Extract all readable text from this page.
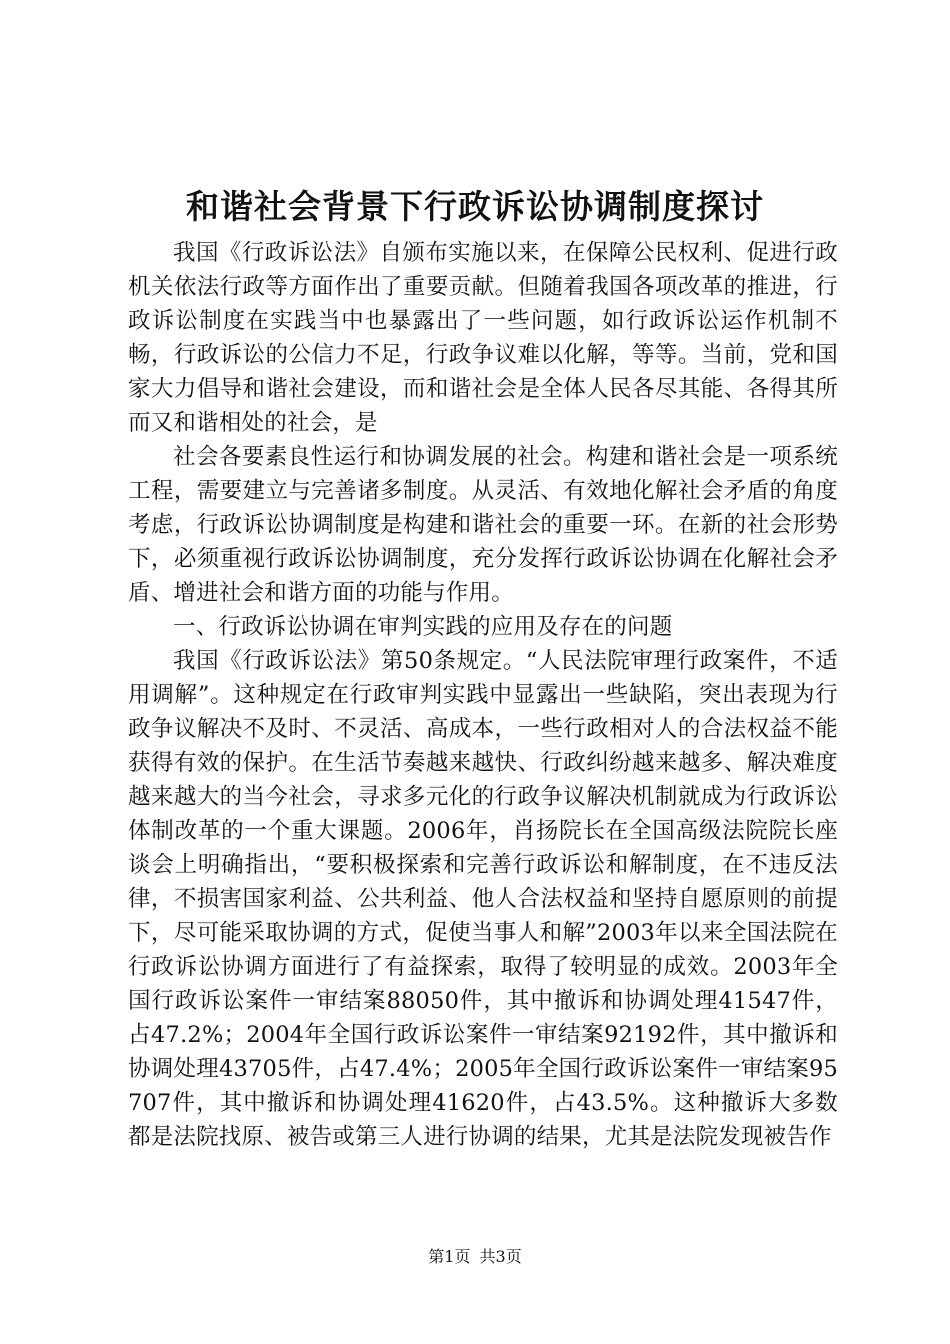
和谐社会背景下行政诉讼协调制度探讨

我国《行政诉讼法》自颁布实施以来，在保障公民权利、促进行政机关依法行政等方面作出了重要贡献。但随着我国各项改革的推进，行政诉讼制度在实践当中也暴露出了一些问题，如行政诉讼运作机制不畅，行政诉讼的公信力不足，行政争议难以化解，等等。当前，党和国家大力倡导和谐社会建设，而和谐社会是全体人民各尽其能、各得其所而又和谐相处的社会，是

社会各要素良性运行和协调发展的社会。构建和谐社会是一项系统工程，需要建立与完善诸多制度。从灵活、有效地化解社会矛盾的角度考虑，行政诉讼协调制度是构建和谐社会的重要一环。在新的社会形势下，必须重视行政诉讼协调制度，充分发挥行政诉讼协调在化解社会矛盾、增进社会和谐方面的功能与作用。

一、行政诉讼协调在审判实践的应用及存在的问题

我国《行政诉讼法》第50条规定。“人民法院审理行政案件，不适用调解”。这种规定在行政审判实践中显露出一些缺陷，突出表现为行政争议解决不及时、不灵活、高成本，一些行政相对人的合法权益不能获得有效的保护。在生活节奏越来越快、行政纠纷越来越多、解决难度越来越大的当今社会，寻求多元化的行政争议解决机制就成为行政诉讼体制改革的一个重大课题。2006年，肖扬院长在全国高级法院院长座谈会上明确指出，“要积极探索和完善行政诉讼和解制度，在不违反法律，不损害国家利益、公共利益、他人合法权益和坚持自愿原则的前提下，尽可能采取协调的方式，促使当事人和解”2003年以来全国法院在行政诉讼协调方面进行了有益探索，取得了较明显的成效。2003年全国行政诉讼案件一审结案88050件，其中撤诉和协调处理41547件，占47.2%；2004年全国行政诉讼案件一审结案92192件，其中撤诉和协调处理43705件，占47.4%；2005年全国行政诉讼案件一审结案95707件，其中撤诉和协调处理41620件，占43.5%。这种撤诉大多数都是法院找原、被告或第三人进行协调的结果，尤其是法院发现被告作

第1页 共3页
